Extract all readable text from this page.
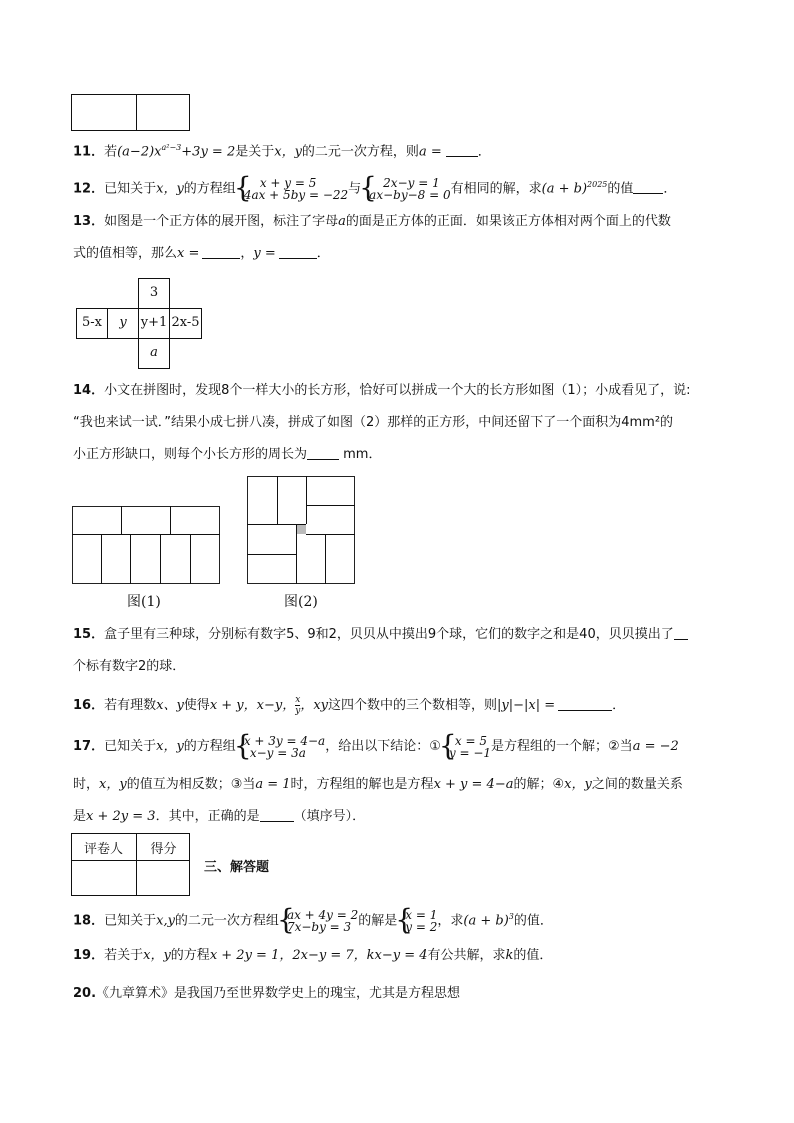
11．若$(a-2)x^{a^2-3}+3y = 2$是关于x，y的二元一次方程，则a =	．
12．已知关于x，y的方程组	{ x + y = 5
4ax + 5by = −22 与	{ 2x−y = 1
ax−by−8 = 0 有相同的解，求$(a + b)^{2025}$的值 ．
13．如图是一个正方体的展开图，标注了字母a的面是正方体的正面．如果该正方体相对两个面上的代数
式的值相等，那么x =	，y =	．
3
5-x	y	y+1 2x-5
a
14．小文在拼图时，发现8个一样大小的长方形，恰好可以拼成一个大的长方形如图（1）；小成看见了，说:
“我也来试一试．”结果小成七拼八凑，拼成了如图（2）那样的正方形，中间还留下了一个面积为4mm²的
小正方形缺口，则每个小长方形的周长为 mm．
图(1)	图(2)
15．盒子里有三种球，分别标有数字5、9和2，贝贝从中摸出9个球，它们的数字之和是40，贝贝摸出了
个标有数字2的球．
16．若有理数x、y使得x + y，x−y， $\frac{x}{y}$ ，xy这四个数中的三个数相等，则|y|−|x| =	．
17．已知关于x，y的方程组 { x + 3y = 4−a
x−y = 3a	，给出以下结论：①	{ x = 5
y = −1 是方程组的一个解；②当a = −2
时，x，y的值互为相反数；③当a = 1时，方程组的解也是方程x + y = 4−a的解；④x，y之间的数量关系
是x + 2y = 3．其中，正确的是	（填序号）．
评卷人	得分
三、解答题
18．已知关于x,y的二元一次方程组 { ax + 4y = 2
7x−by = 3 的解是 { x = 1
y = 2 ，求$(a + b)^3$的值．
19．若关于x，y的方程x + 2y = 1，2x−y = 7，kx−y = 4有公共解，求k的值．
20.《九章算术》是我国乃至世界数学史上的瑰宝，尤其是方程思想
